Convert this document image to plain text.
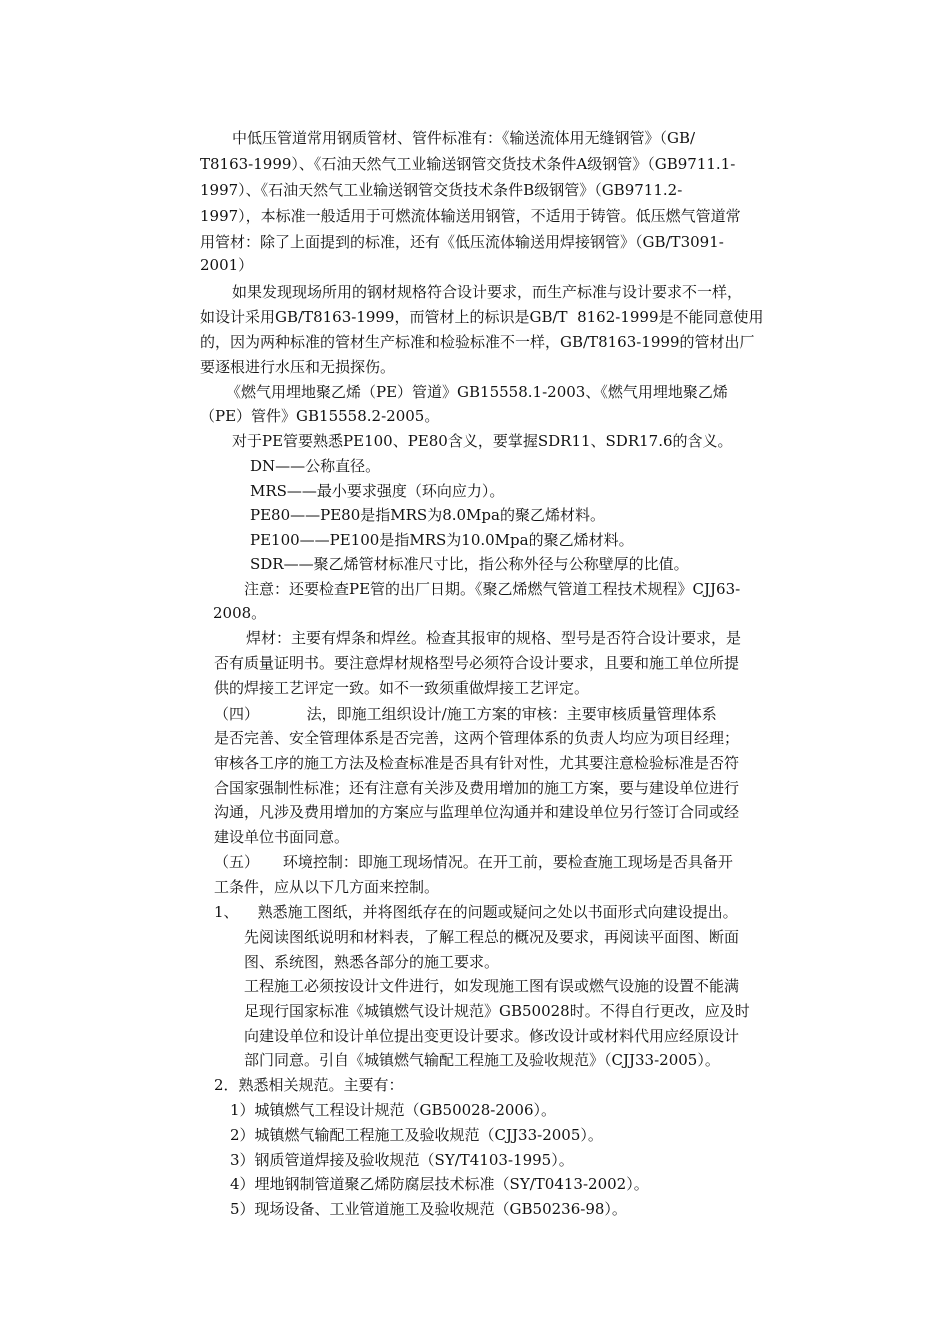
中低压管道常用钢质管材、管件标准有：《输送流体用无缝钢管》（GB/
T8163-1999）、《石油天然气工业输送钢管交货技术条件A级钢管》（GB9711.1-
1997）、《石油天然气工业输送钢管交货技术条件B级钢管》（GB9711.2-
1997），本标准一般适用于可燃流体输送用钢管，不适用于铸管。低压燃气管道常
用管材：除了上面提到的标准，还有《低压流体输送用焊接钢管》（GB/T3091-
2001）
如果发现现场所用的钢材规格符合设计要求，而生产标准与设计要求不一样，
如设计采用GB/T8163-1999，而管材上的标识是GB/T  8162-1999是不能同意使用
的，因为两种标准的管材生产标准和检验标准不一样，GB/T8163-1999的管材出厂
要逐根进行水压和无损探伤。
《燃气用埋地聚乙烯（PE）管道》GB15558.1-2003、《燃气用埋地聚乙烯
（PE）管件》GB15558.2-2005。
对于PE管要熟悉PE100、PE80含义，要掌握SDR11、SDR17.6的含义。
DN——公称直径。
MRS——最小要求强度（环向应力）。
PE80——PE80是指MRS为8.0Mpa的聚乙烯材料。
PE100——PE100是指MRS为10.0Mpa的聚乙烯材料。
SDR——聚乙烯管材标准尺寸比，指公称外径与公称壁厚的比值。
注意：还要检查PE管的出厂日期。《聚乙烯燃气管道工程技术规程》CJJ63-
2008。
焊材：主要有焊条和焊丝。检查其报审的规格、型号是否符合设计要求，是
否有质量证明书。要注意焊材规格型号必须符合设计要求，且要和施工单位所提
供的焊接工艺评定一致。如不一致须重做焊接工艺评定。
（四）          法，即施工组织设计/施工方案的审核：主要审核质量管理体系
是否完善、安全管理体系是否完善，这两个管理体系的负责人均应为项目经理；
审核各工序的施工方法及检查标准是否具有针对性，尤其要注意检验标准是否符
合国家强制性标准；还有注意有关涉及费用增加的施工方案，要与建设单位进行
沟通，凡涉及费用增加的方案应与监理单位沟通并和建设单位另行签订合同或经
建设单位书面同意。
（五）     环境控制：即施工现场情况。在开工前，要检查施工现场是否具备开
工条件，应从以下几方面来控制。
1、    熟悉施工图纸，并将图纸存在的问题或疑问之处以书面形式向建设提出。
先阅读图纸说明和材料表，了解工程总的概况及要求，再阅读平面图、断面
图、系统图，熟悉各部分的施工要求。
工程施工必须按设计文件进行，如发现施工图有误或燃气设施的设置不能满
足现行国家标准《城镇燃气设计规范》GB50028时。不得自行更改，应及时
向建设单位和设计单位提出变更设计要求。修改设计或材料代用应经原设计
部门同意。引自《城镇燃气输配工程施工及验收规范》（CJJ33-2005）。
2．熟悉相关规范。主要有：
1）城镇燃气工程设计规范（GB50028-2006）。
2）城镇燃气输配工程施工及验收规范（CJJ33-2005）。
3）钢质管道焊接及验收规范（SY/T4103-1995）。
4）埋地钢制管道聚乙烯防腐层技术标准（SY/T0413-2002）。
5）现场设备、工业管道施工及验收规范（GB50236-98）。
